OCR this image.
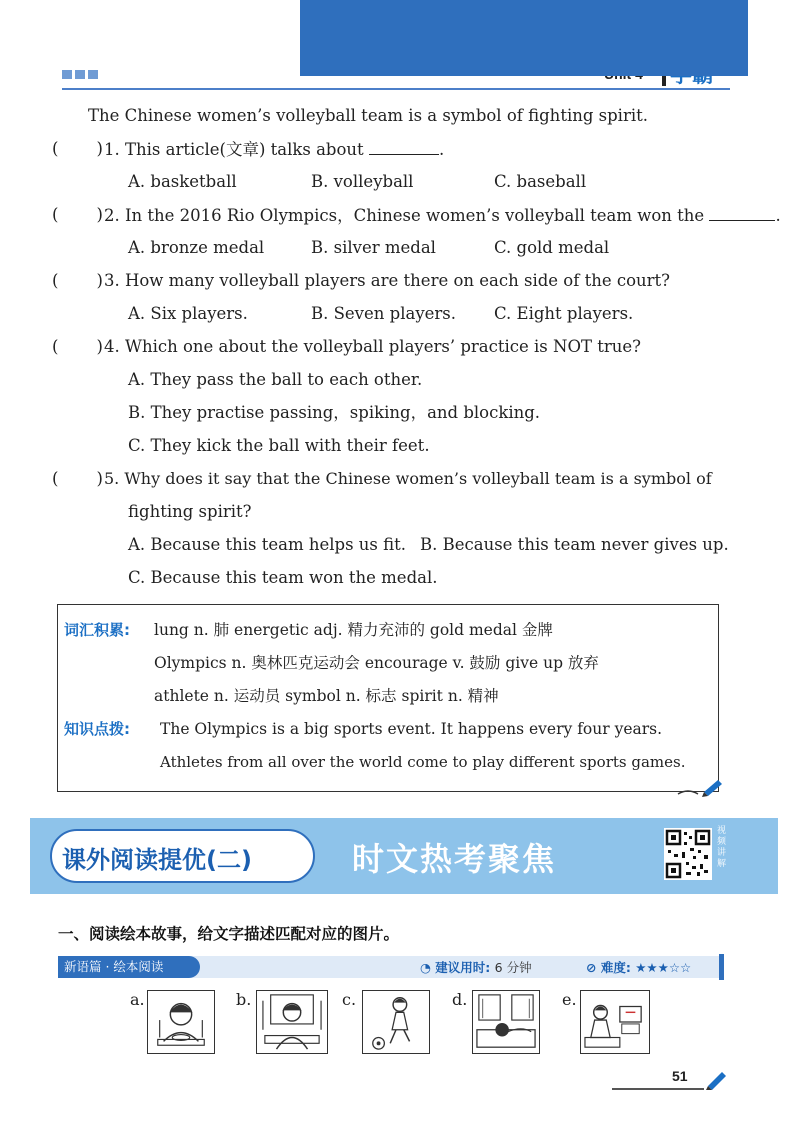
The Chinese women’s volleyball team is a symbol of fighting spirit.
( ) 1. This article(文章) talks about	.
A. basketball	B. volleyball	C. baseball
( ) 2. In the 2016 Rio Olympics，Chinese women’s volleyball team won the	.
A. bronze medal	B. silver medal	C. gold medal
( ) 3. How many volleyball players are there on each side of the court?
A. Six players.	B. Seven players. C. Eight players.
( ) 4. Which one about the volleyball players’ practice is NOT true?
A. They pass the ball to each other.
B. They practise passing，spiking，and blocking.
C. They kick the ball with their feet.
( ) 5. Why does it say that the Chinese women’s volleyball team is a symbol of
fighting spirit?
A. Because this team helps us fit. B. Because this team never gives up.
C. Because this team won the medal.
词汇积累: lung n. 肺 energetic adj. 精力充沛的 gold medal 金牌
Olympics n. 奥林匹克运动会 encourage v. 鼓励 give up 放弃
athlete n. 运动员 symbol n. 标志 spirit n. 精神
知识点拨: The Olympics is a big sports event. It happens every four years.
Athletes from all over the world come to play different sports games.
课外阅读提优(二)	时文热考聚焦
视频讲解
一、阅读绘本故事，给文字描述匹配对应的图片。
新语篇 · 绘本阅读	◔ 建议用时: 6 分钟	⊘ 难度: ★★★☆☆
a.	b.	c.	d.	e.
51
